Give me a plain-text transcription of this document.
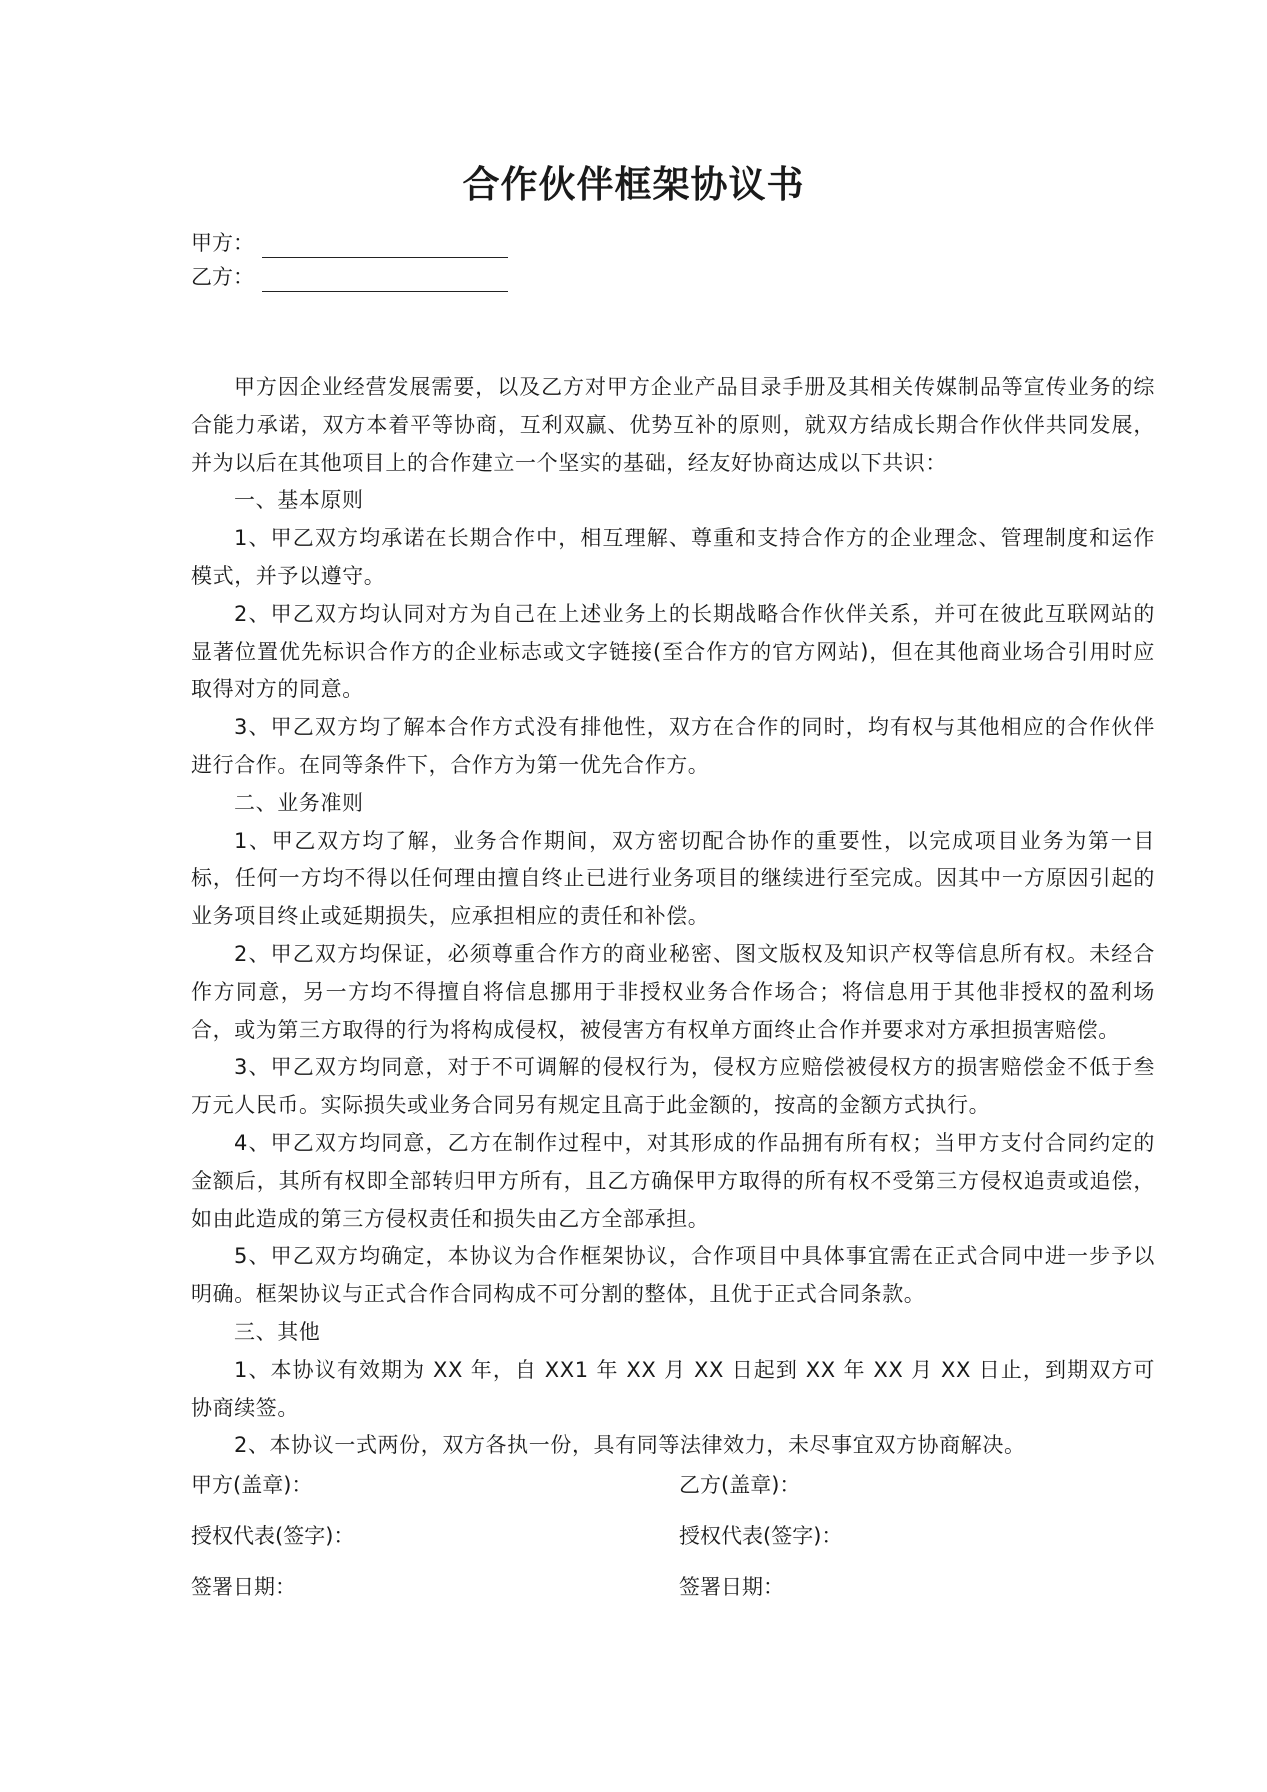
合作伙伴框架协议书
甲方：
乙方：

甲方因企业经营发展需要，以及乙方对甲方企业产品目录手册及其相关传媒制品等宣传业务的综合能力承诺，双方本着平等协商，互利双赢、优势互补的原则，就双方结成长期合作伙伴共同发展，并为以后在其他项目上的合作建立一个坚实的基础，经友好协商达成以下共识：

一、基本原则

1、甲乙双方均承诺在长期合作中，相互理解、尊重和支持合作方的企业理念、管理制度和运作模式，并予以遵守。

2、甲乙双方均认同对方为自己在上述业务上的长期战略合作伙伴关系，并可在彼此互联网站的显著位置优先标识合作方的企业标志或文字链接(至合作方的官方网站)，但在其他商业场合引用时应取得对方的同意。

3、甲乙双方均了解本合作方式没有排他性，双方在合作的同时，均有权与其他相应的合作伙伴进行合作。在同等条件下，合作方为第一优先合作方。

二、业务准则

1、甲乙双方均了解，业务合作期间，双方密切配合协作的重要性，以完成项目业务为第一目标，任何一方均不得以任何理由擅自终止已进行业务项目的继续进行至完成。因其中一方原因引起的业务项目终止或延期损失，应承担相应的责任和补偿。

2、甲乙双方均保证，必须尊重合作方的商业秘密、图文版权及知识产权等信息所有权。未经合作方同意，另一方均不得擅自将信息挪用于非授权业务合作场合；将信息用于其他非授权的盈利场合，或为第三方取得的行为将构成侵权，被侵害方有权单方面终止合作并要求对方承担损害赔偿。

3、甲乙双方均同意，对于不可调解的侵权行为，侵权方应赔偿被侵权方的损害赔偿金不低于叁万元人民币。实际损失或业务合同另有规定且高于此金额的，按高的金额方式执行。

4、甲乙双方均同意，乙方在制作过程中，对其形成的作品拥有所有权；当甲方支付合同约定的金额后，其所有权即全部转归甲方所有，且乙方确保甲方取得的所有权不受第三方侵权追责或追偿，如由此造成的第三方侵权责任和损失由乙方全部承担。

5、甲乙双方均确定，本协议为合作框架协议，合作项目中具体事宜需在正式合同中进一步予以明确。框架协议与正式合作合同构成不可分割的整体，且优于正式合同条款。

三、其他

1、本协议有效期为 XX 年，自 XX1 年 XX 月 XX 日起到 XX 年 XX 月 XX 日止，到期双方可协商续签。

2、本协议一式两份，双方各执一份，具有同等法律效力，未尽事宜双方协商解决。

甲方(盖章)：	乙方(盖章)：
授权代表(签字)：	授权代表(签字)：
签署日期：	签署日期：
